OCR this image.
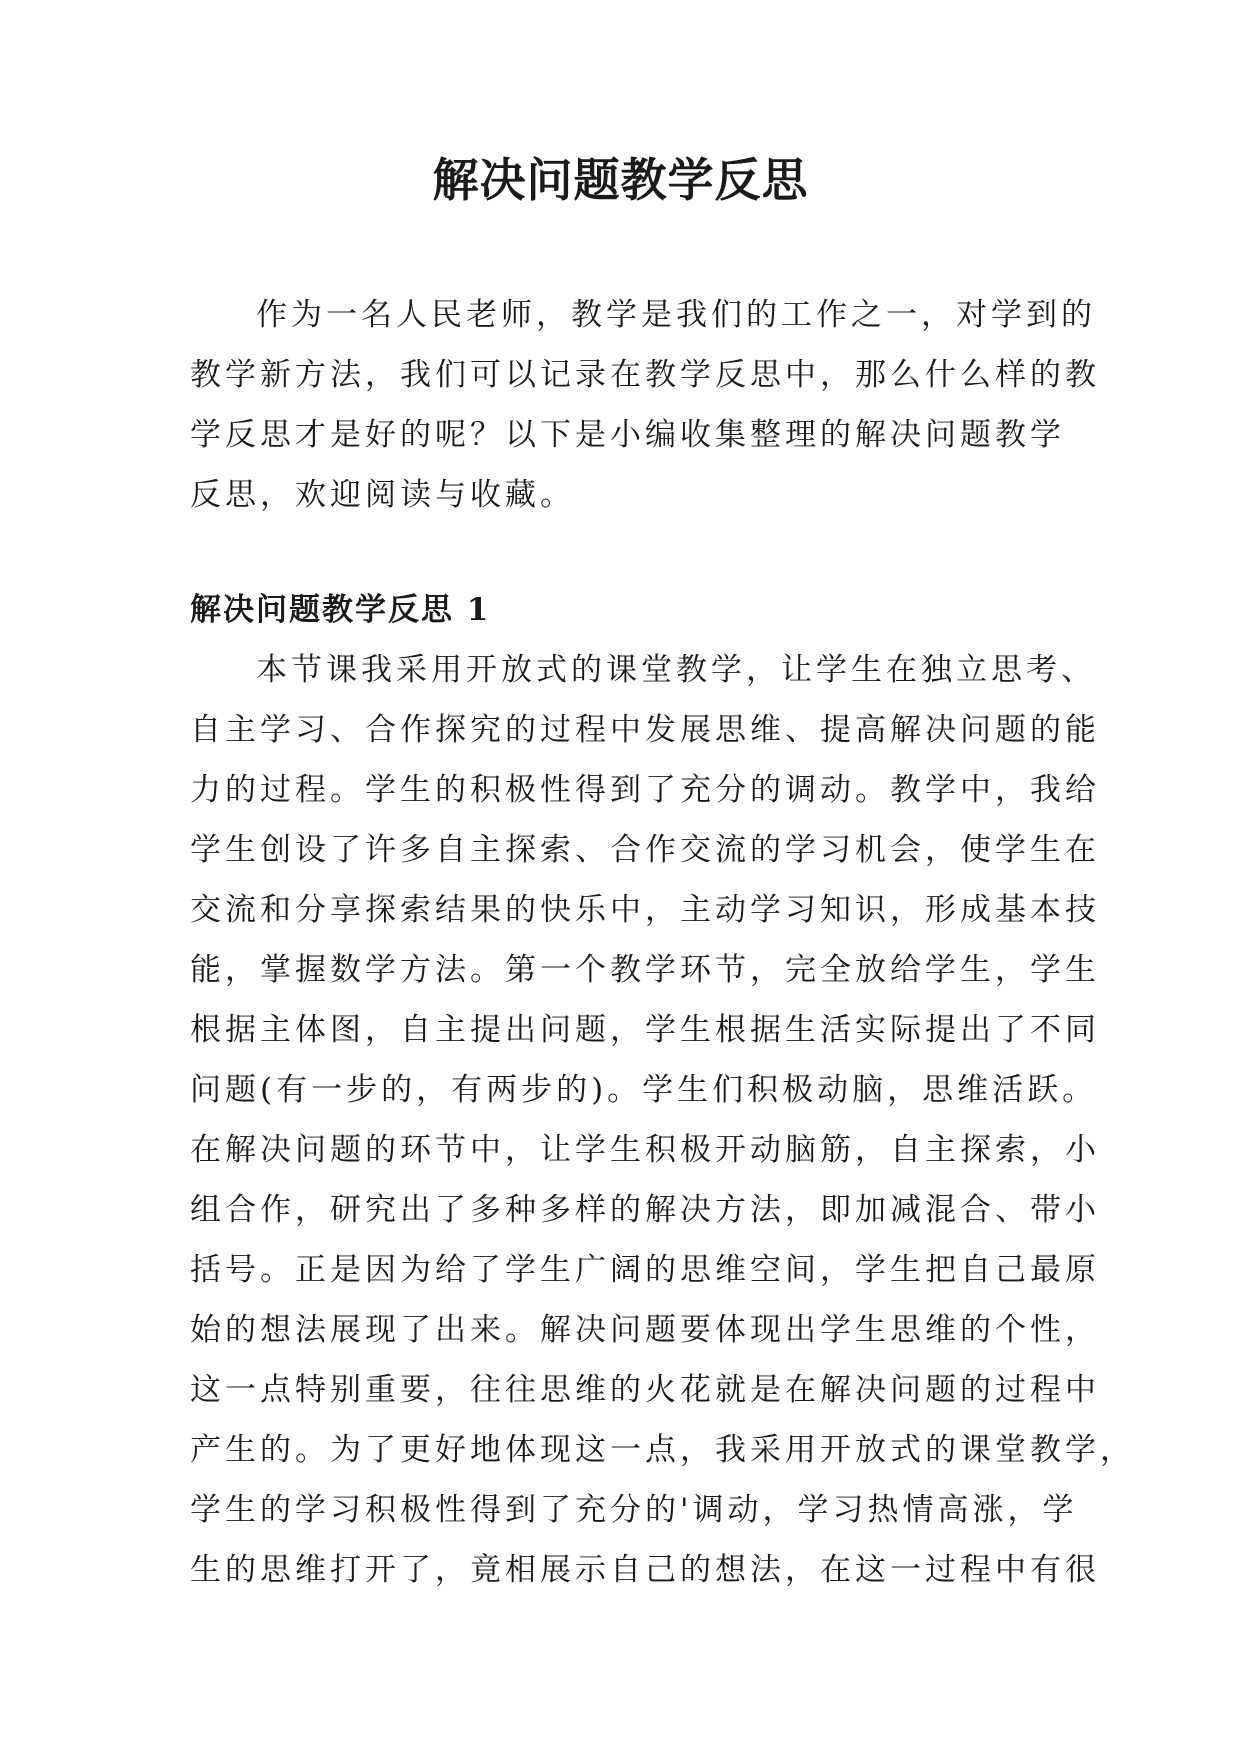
解决问题教学反思
作为一名人民老师，教学是我们的工作之一，对学到的
教学新方法，我们可以记录在教学反思中，那么什么样的教
学反思才是好的呢？以下是小编收集整理的解决问题教学
反思，欢迎阅读与收藏。
解决问题教学反思 1
本节课我采用开放式的课堂教学，让学生在独立思考、
自主学习、合作探究的过程中发展思维、提高解决问题的能
力的过程。学生的积极性得到了充分的调动。教学中，我给
学生创设了许多自主探索、合作交流的学习机会，使学生在
交流和分享探索结果的快乐中，主动学习知识，形成基本技
能，掌握数学方法。第一个教学环节，完全放给学生，学生
根据主体图，自主提出问题，学生根据生活实际提出了不同
问题(有一步的，有两步的)。学生们积极动脑，思维活跃。
在解决问题的环节中，让学生积极开动脑筋，自主探索，小
组合作，研究出了多种多样的解决方法，即加减混合、带小
括号。正是因为给了学生广阔的思维空间，学生把自己最原
始的想法展现了出来。解决问题要体现出学生思维的个性，
这一点特别重要，往往思维的火花就是在解决问题的过程中
产生的。为了更好地体现这一点，我采用开放式的课堂教学，
学生的学习积极性得到了充分的'调动，学习热情高涨，学
生的思维打开了，竟相展示自己的想法，在这一过程中有很
